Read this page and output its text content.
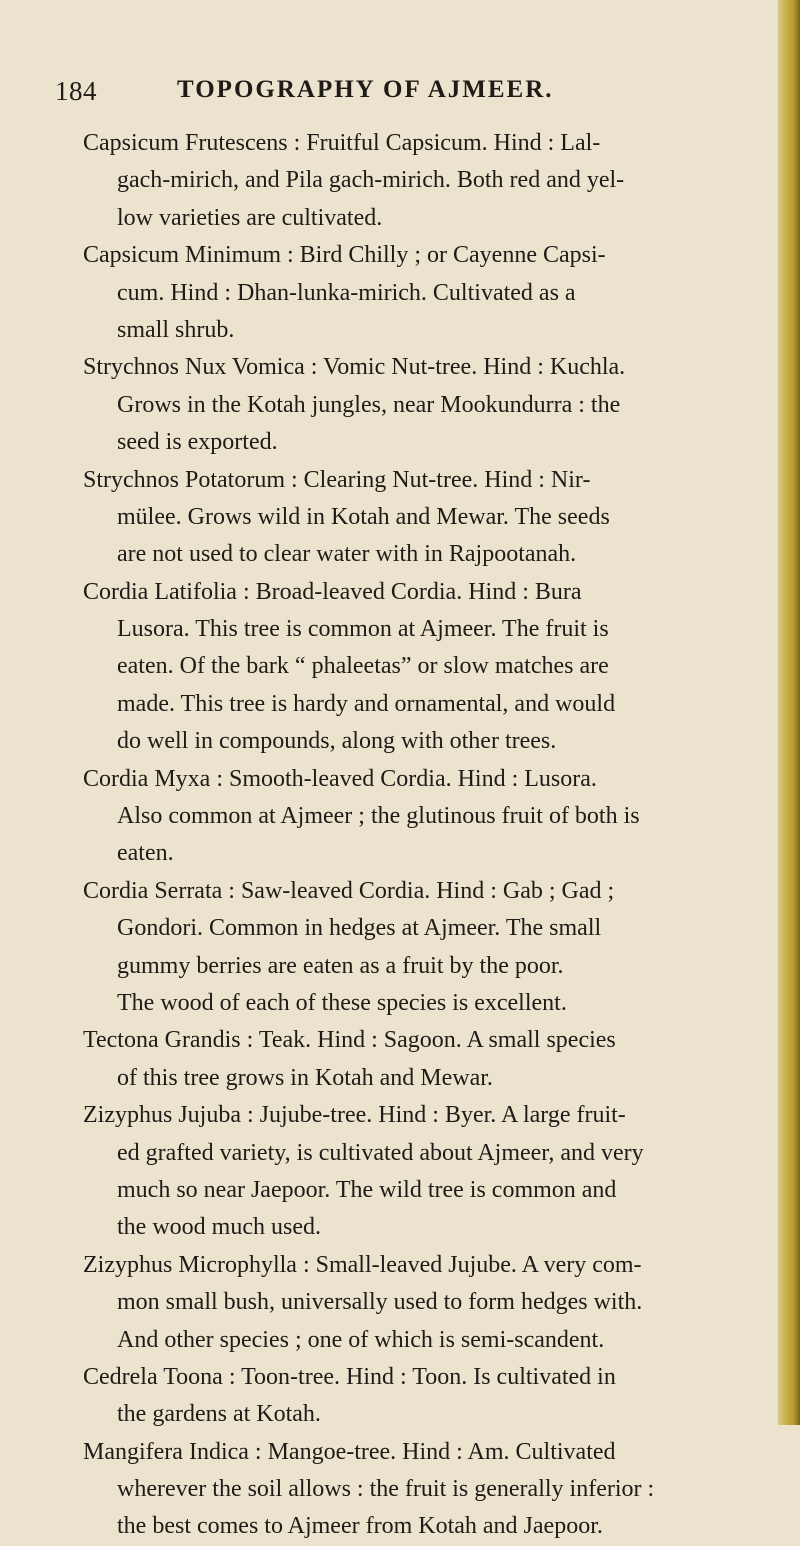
184	TOPOGRAPHY OF AJMEER.
Capsicum Frutescens : Fruitful Capsicum. Hind : Lal-
gach-mirich, and Pila gach-mirich. Both red and yel-
low varieties are cultivated.
Capsicum Minimum : Bird Chilly ; or Cayenne Capsi-
cum. Hind : Dhan-lunka-mirich. Cultivated as a
small shrub.
Strychnos Nux Vomica : Vomic Nut-tree. Hind : Kuchla.
Grows in the Kotah jungles, near Mookundurra : the
seed is exported.
Strychnos Potatorum : Clearing Nut-tree. Hind : Nir-
mülee. Grows wild in Kotah and Mewar. The seeds
are not used to clear water with in Rajpootanah.
Cordia Latifolia : Broad-leaved Cordia. Hind : Bura
Lusora. This tree is common at Ajmeer. The fruit is
eaten. Of the bark “ phaleetas” or slow matches are
made. This tree is hardy and ornamental, and would
do well in compounds, along with other trees.
Cordia Myxa : Smooth-leaved Cordia. Hind : Lusora.
Also common at Ajmeer ; the glutinous fruit of both is
eaten.
Cordia Serrata : Saw-leaved Cordia. Hind : Gab ; Gad ;
Gondori. Common in hedges at Ajmeer. The small
gummy berries are eaten as a fruit by the poor.
The wood of each of these species is excellent.
Tectona Grandis : Teak. Hind : Sagoon. A small species
of this tree grows in Kotah and Mewar.
Zizyphus Jujuba : Jujube-tree. Hind : Byer. A large fruit-
ed grafted variety, is cultivated about Ajmeer, and very
much so near Jaepoor. The wild tree is common and
the wood much used.
Zizyphus Microphylla : Small-leaved Jujube. A very com-
mon small bush, universally used to form hedges with.
And other species ; one of which is semi-scandent.
Cedrela Toona : Toon-tree. Hind : Toon. Is cultivated in
the gardens at Kotah.
Mangifera Indica : Mangoe-tree. Hind : Am. Cultivated
wherever the soil allows : the fruit is generally inferior :
the best comes to Ajmeer from Kotah and Jaepoor.
